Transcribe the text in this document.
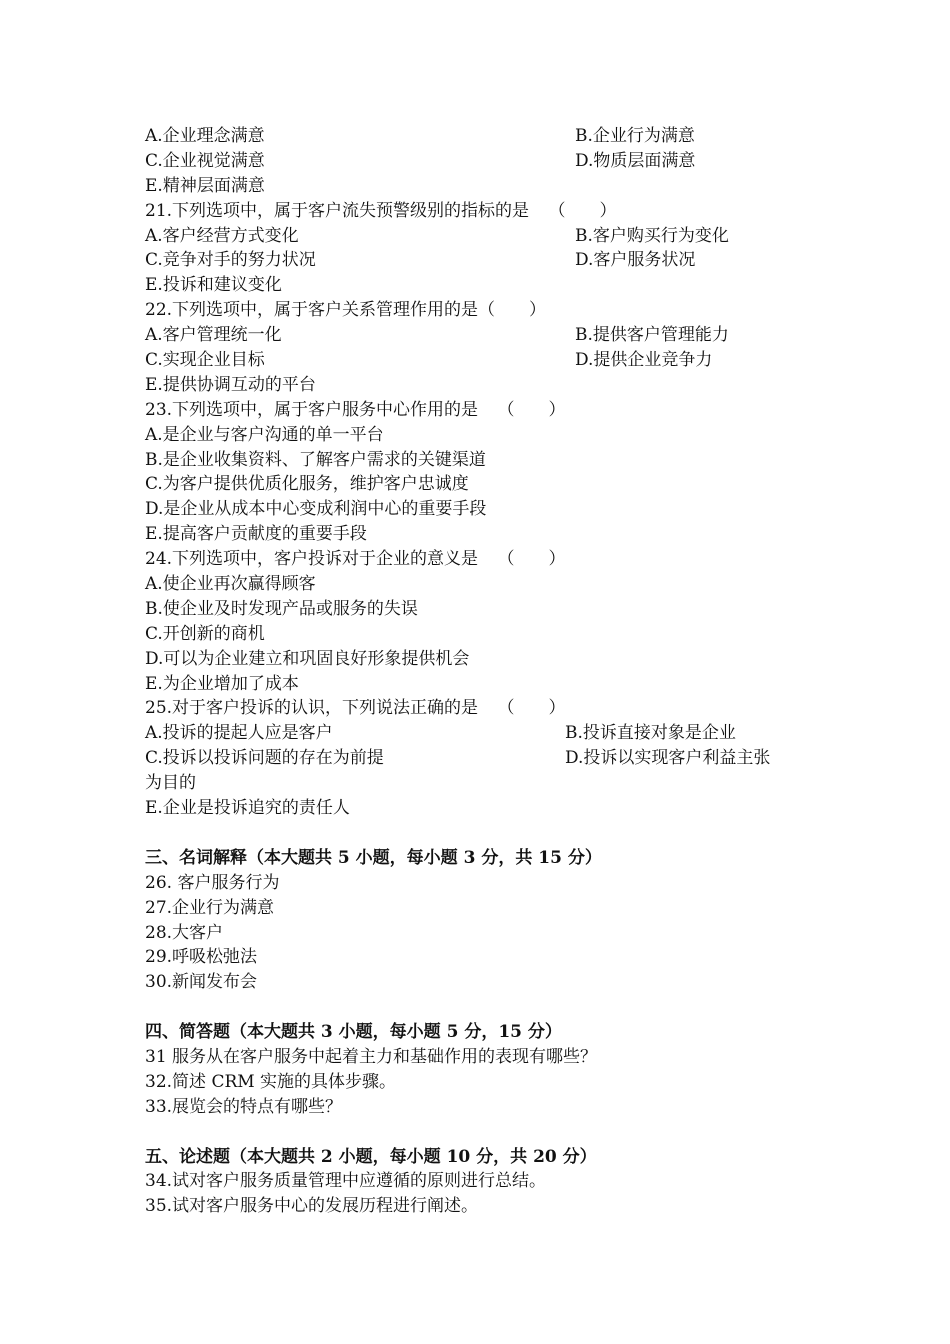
A.企业理念满意	B.企业行为满意
C.企业视觉满意	D.物质层面满意
E.精神层面满意
21.下列选项中，属于客户流失预警级别的指标的是 （　　）
A.客户经营方式变化	B.客户购买行为变化
C.竞争对手的努力状况	D.客户服务状况
E.投诉和建议变化
22.下列选项中，属于客户关系管理作用的是（　　）
A.客户管理统一化	B.提供客户管理能力
C.实现企业目标	D.提供企业竞争力
E.提供协调互动的平台
23.下列选项中，属于客户服务中心作用的是 （　　）
A.是企业与客户沟通的单一平台
B.是企业收集资料、了解客户需求的关键渠道
C.为客户提供优质化服务，维护客户忠诚度
D.是企业从成本中心变成利润中心的重要手段
E.提高客户贡献度的重要手段
24.下列选项中，客户投诉对于企业的意义是 （　　）
A.使企业再次赢得顾客
B.使企业及时发现产品或服务的失误
C.开创新的商机
D.可以为企业建立和巩固良好形象提供机会
E.为企业增加了成本
25.对于客户投诉的认识，下列说法正确的是 （　　）
A.投诉的提起人应是客户	B.投诉直接对象是企业
C.投诉以投诉问题的存在为前提	D.投诉以实现客户利益主张
为目的
E.企业是投诉追究的责任人
三、名词解释（本大题共 5 小题，每小题 3 分，共 15 分）
26. 客户服务行为
27.企业行为满意
28.大客户
29.呼吸松弛法
30.新闻发布会
四、简答题（本大题共 3 小题，每小题 5 分，15 分）
31 服务从在客户服务中起着主力和基础作用的表现有哪些？
32.简述 CRM 实施的具体步骤。
33.展览会的特点有哪些？
五、论述题（本大题共 2 小题，每小题 10 分，共 20 分）
34.试对客户服务质量管理中应遵循的原则进行总结。
35.试对客户服务中心的发展历程进行阐述。
